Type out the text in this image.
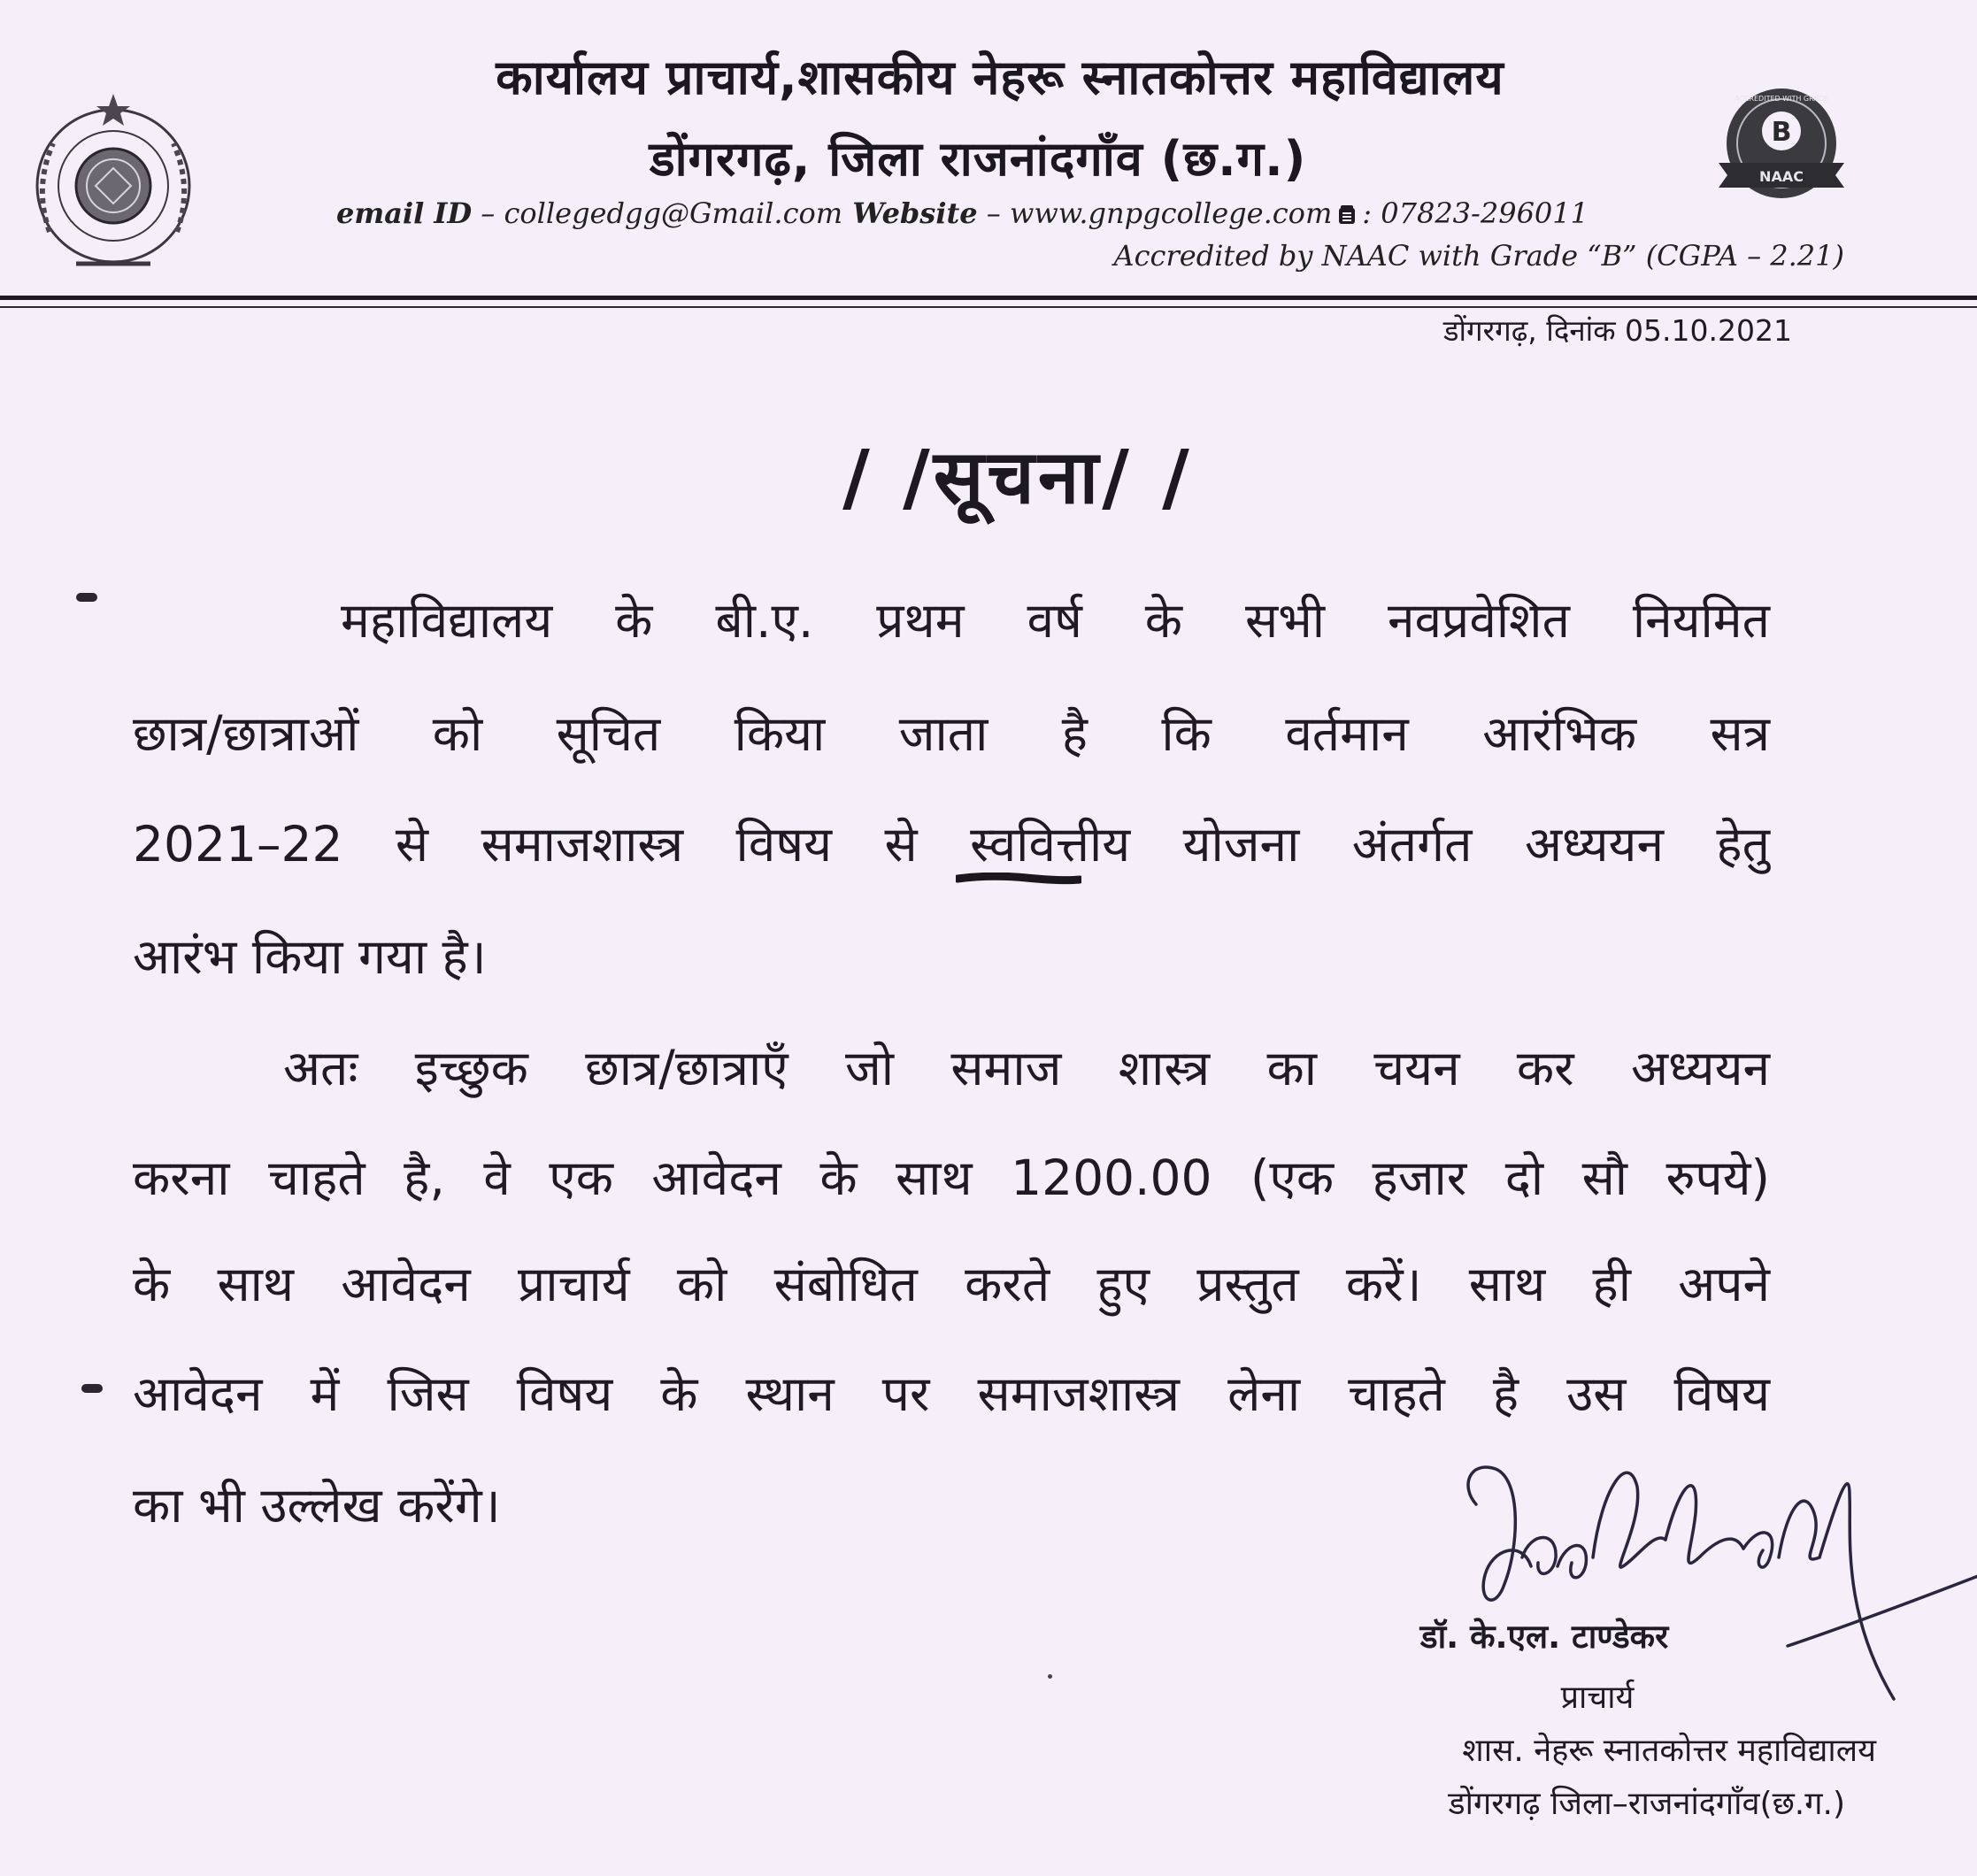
कार्यालय प्राचार्य,शासकीय नेहरू स्नातकोत्तर महाविद्यालय
डोंगरगढ़, जिला राजनांदगाँव (छ.ग.)
email ID – collegedgg@Gmail.com Website – www.gnpgcollege.com : 07823-296011
Accredited by NAAC with Grade “B” (CGPA – 2.21)
B
NAAC
ACCREDITED WITH GRADE
डोंगरगढ़, दिनांक 05.10.2021
/ /सूचना/ /
महाविद्यालय के बी.ए. प्रथम वर्ष के सभी नवप्रवेशित नियमित
छात्र/छात्राओं को सूचित किया जाता है कि वर्तमान आरंभिक सत्र
2021–22 से समाजशास्त्र विषय से स्ववित्तीय योजना अंतर्गत अध्ययन हेतु
आरंभ किया गया है।
अतः इच्छुक छात्र/छात्राएँ जो समाज शास्त्र का चयन कर अध्ययन
करना चाहते है, वे एक आवेदन के साथ 1200.00 (एक हजार दो सौ रुपये)
के साथ आवेदन प्राचार्य को संबोधित करते हुए प्रस्तुत करें। साथ ही अपने
आवेदन में जिस विषय के स्थान पर समाजशास्त्र लेना चाहते है उस विषय
का भी उल्लेख करेंगे।
डॉ. के.एल. टाण्डेकर
प्राचार्य
शास. नेहरू स्नातकोत्तर महाविद्यालय
डोंगरगढ़ जिला–राजनांदगाँव(छ.ग.)
